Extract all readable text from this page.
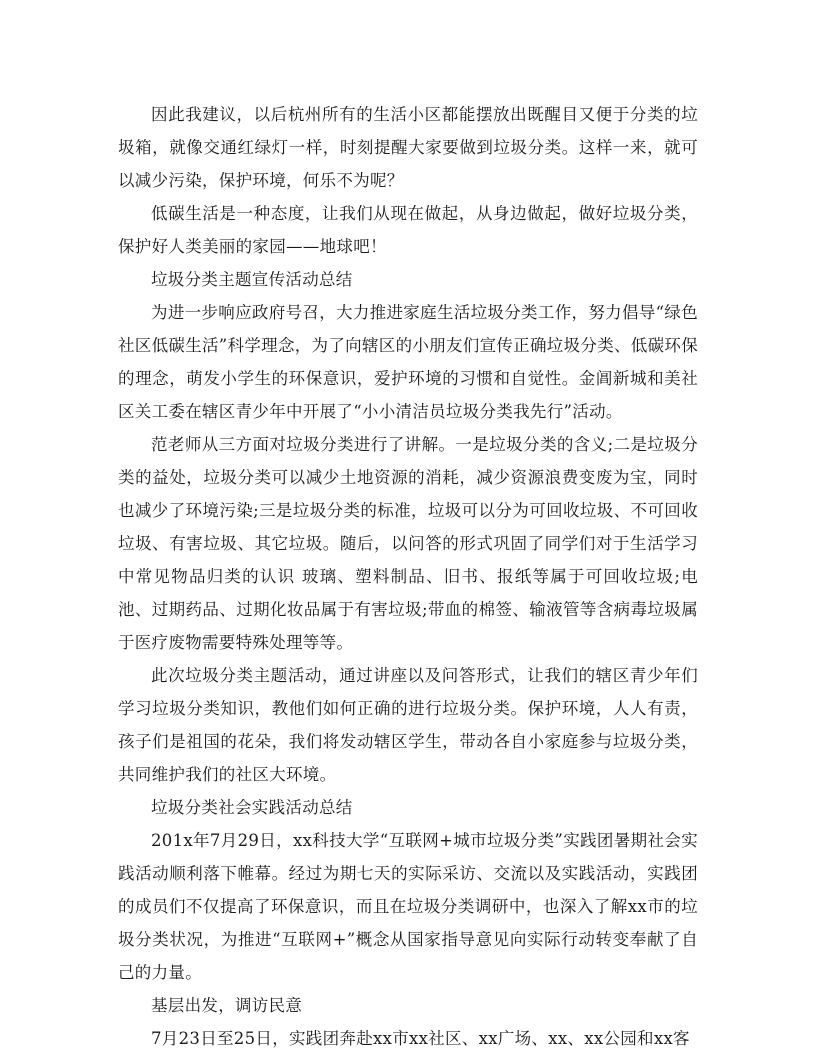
因此我建议，以后杭州所有的生活小区都能摆放出既醒目又便于分类的垃圾箱，就像交通红绿灯一样，时刻提醒大家要做到垃圾分类。这样一来，就可以减少污染，保护环境，何乐不为呢？

低碳生活是一种态度，让我们从现在做起，从身边做起，做好垃圾分类，保护好人类美丽的家园——地球吧！

垃圾分类主题宣传活动总结

为进一步响应政府号召，大力推进家庭生活垃圾分类工作，努力倡导“绿色社区低碳生活”科学理念，为了向辖区的小朋友们宣传正确垃圾分类、低碳环保的理念，萌发小学生的环保意识，爱护环境的习惯和自觉性。金阊新城和美社区关工委在辖区青少年中开展了“小小清洁员垃圾分类我先行”活动。

范老师从三方面对垃圾分类进行了讲解。一是垃圾分类的含义;二是垃圾分类的益处，垃圾分类可以减少土地资源的消耗，减少资源浪费变废为宝，同时也减少了环境污染;三是垃圾分类的标准，垃圾可以分为可回收垃圾、不可回收垃圾、有害垃圾、其它垃圾。随后，以问答的形式巩固了同学们对于生活学习中常见物品归类的认识 玻璃、塑料制品、旧书、报纸等属于可回收垃圾;电池、过期药品、过期化妆品属于有害垃圾;带血的棉签、输液管等含病毒垃圾属于医疗废物需要特殊处理等等。

此次垃圾分类主题活动，通过讲座以及问答形式，让我们的辖区青少年们学习垃圾分类知识，教他们如何正确的进行垃圾分类。保护环境，人人有责，孩子们是祖国的花朵，我们将发动辖区学生，带动各自小家庭参与垃圾分类，共同维护我们的社区大环境。

垃圾分类社会实践活动总结

201x年7月29日，xx科技大学“互联网+城市垃圾分类”实践团暑期社会实践活动顺利落下帷幕。经过为期七天的实际采访、交流以及实践活动，实践团的成员们不仅提高了环保意识，而且在垃圾分类调研中，也深入了解xx市的垃圾分类状况，为推进“互联网+”概念从国家指导意见向实际行动转变奉献了自己的力量。

基层出发，调访民意

7月23日至25日，实践团奔赴xx市xx社区、xx广场、xx、xx公园和xx客
